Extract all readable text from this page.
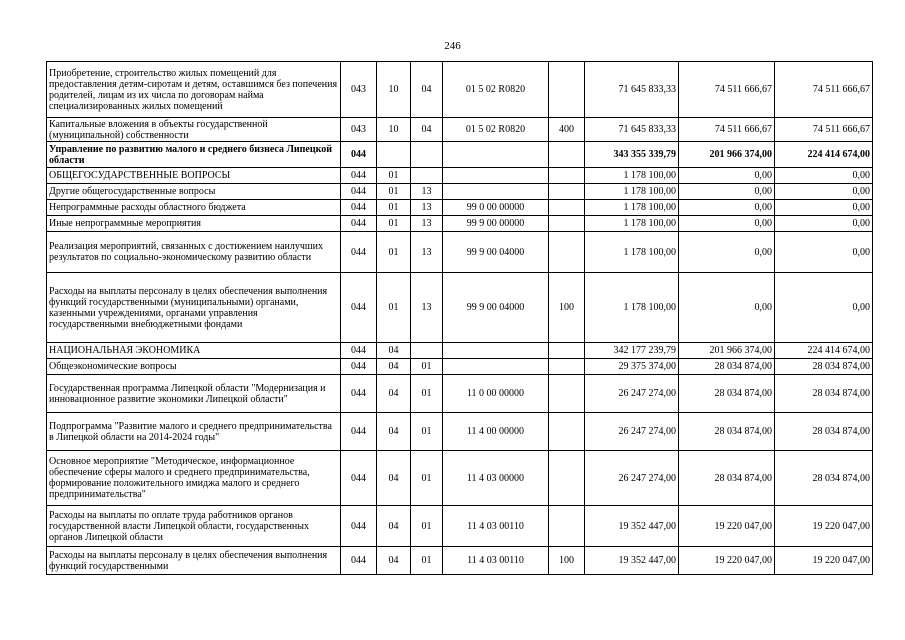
246
Приобретение, строительство жилых помещений для предоставления детям-сиротам и детям, оставшимся без попечения родителей, лицам из их числа по договорам найма специализированных жилых помещений	043	10	04	01 5 02 R0820		71 645 833,33	74 511 666,67	74 511 666,67
Капитальные вложения в объекты государственной (муниципальной) собственности	043	10	04	01 5 02 R0820	400	71 645 833,33	74 511 666,67	74 511 666,67
Управление по развитию малого и среднего бизнеса Липецкой области	044					343 355 339,79	201 966 374,00	224 414 674,00
ОБЩЕГОСУДАРСТВЕННЫЕ ВОПРОСЫ	044	01				1 178 100,00	0,00	0,00
Другие общегосударственные вопросы	044	01	13			1 178 100,00	0,00	0,00
Непрограммные расходы областного бюджета	044	01	13	99 0 00 00000		1 178 100,00	0,00	0,00
Иные непрограммные мероприятия	044	01	13	99 9 00 00000		1 178 100,00	0,00	0,00
Реализация мероприятий, связанных с достижением наилучших результатов по социально-экономическому развитию области	044	01	13	99 9 00 04000		1 178 100,00	0,00	0,00
Расходы на выплаты персоналу в целях обеспечения выполнения функций государственными (муниципальными) органами, казенными учреждениями, органами управления государственными внебюджетными фондами	044	01	13	99 9 00 04000	100	1 178 100,00	0,00	0,00
НАЦИОНАЛЬНАЯ ЭКОНОМИКА	044	04				342 177 239,79	201 966 374,00	224 414 674,00
Общеэкономические вопросы	044	04	01			29 375 374,00	28 034 874,00	28 034 874,00
Государственная программа Липецкой области "Модернизация и инновационное развитие экономики Липецкой области"	044	04	01	11 0 00 00000		26 247 274,00	28 034 874,00	28 034 874,00
Подпрограмма "Развитие малого и среднего предпринимательства в Липецкой области на 2014-2024 годы"	044	04	01	11 4 00 00000		26 247 274,00	28 034 874,00	28 034 874,00
Основное мероприятие "Методическое, информационное обеспечение сферы малого и среднего предпринимательства, формирование положительного имиджа малого и среднего предпринимательства"	044	04	01	11 4 03 00000		26 247 274,00	28 034 874,00	28 034 874,00
Расходы на выплаты по оплате труда работников органов государственной власти Липецкой области, государственных органов Липецкой области	044	04	01	11 4 03 00110		19 352 447,00	19 220 047,00	19 220 047,00
Расходы на выплаты персоналу в целях обеспечения выполнения функций государственными	044	04	01	11 4 03 00110	100	19 352 447,00	19 220 047,00	19 220 047,00
